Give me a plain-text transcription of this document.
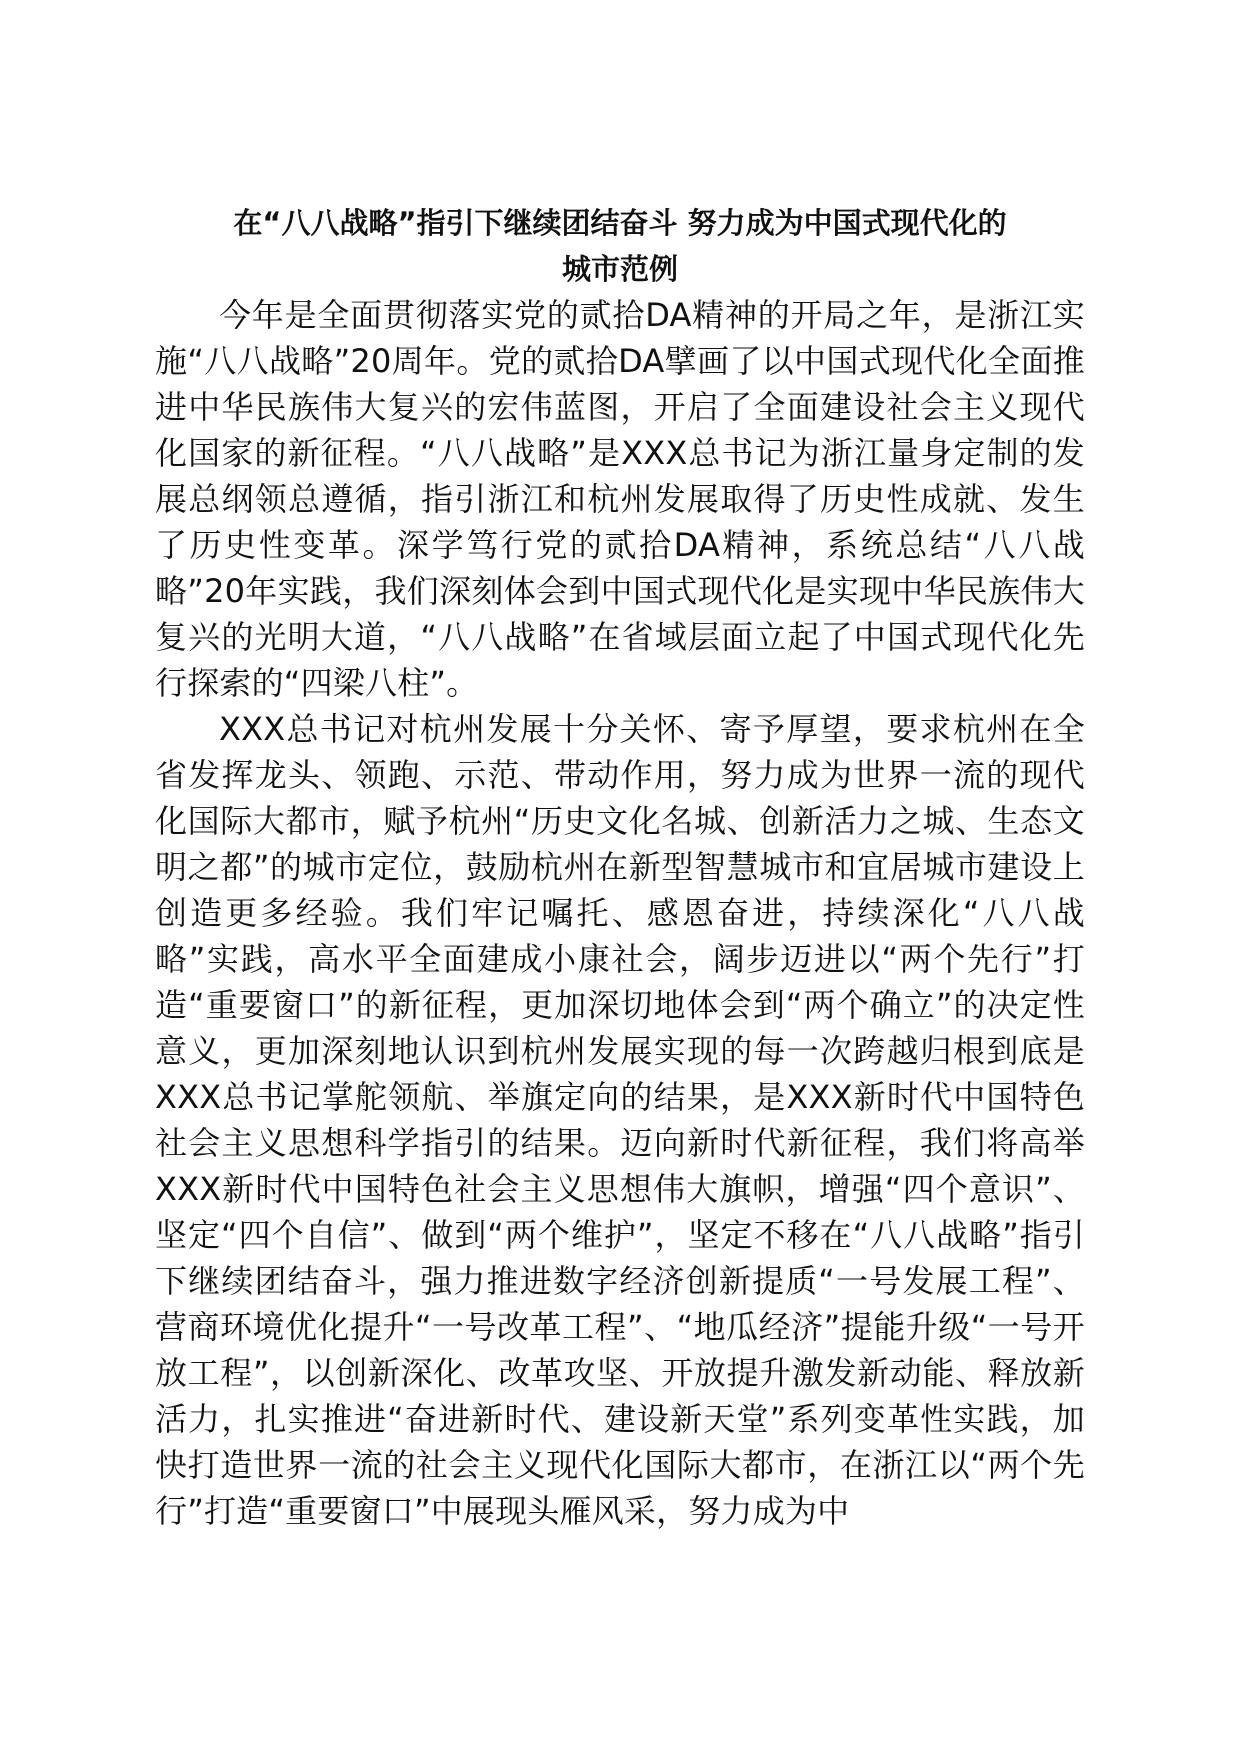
在“八八战略”指引下继续团结奋斗 努力成为中国式现代化的
城市范例

今年是全面贯彻落实党的贰拾DA精神的开局之年，是浙江实施“八八战略”20周年。党的贰拾DA擘画了以中国式现代化全面推进中华民族伟大复兴的宏伟蓝图，开启了全面建设社会主义现代化国家的新征程。“八八战略”是XXX总书记为浙江量身定制的发展总纲领总遵循，指引浙江和杭州发展取得了历史性成就、发生了历史性变革。深学笃行党的贰拾DA精神，系统总结“八八战略”20年实践，我们深刻体会到中国式现代化是实现中华民族伟大复兴的光明大道，“八八战略”在省域层面立起了中国式现代化先行探索的“四梁八柱”。

XXX总书记对杭州发展十分关怀、寄予厚望，要求杭州在全省发挥龙头、领跑、示范、带动作用，努力成为世界一流的现代化国际大都市，赋予杭州“历史文化名城、创新活力之城、生态文明之都”的城市定位，鼓励杭州在新型智慧城市和宜居城市建设上创造更多经验。我们牢记嘱托、感恩奋进，持续深化“八八战略”实践，高水平全面建成小康社会，阔步迈进以“两个先行”打造“重要窗口”的新征程，更加深切地体会到“两个确立”的决定性意义，更加深刻地认识到杭州发展实现的每一次跨越归根到底是XXX总书记掌舵领航、举旗定向的结果，是XXX新时代中国特色社会主义思想科学指引的结果。迈向新时代新征程，我们将高举XXX新时代中国特色社会主义思想伟大旗帜，增强“四个意识”、坚定“四个自信”、做到“两个维护”，坚定不移在“八八战略”指引下继续团结奋斗，强力推进数字经济创新提质“一号发展工程”、营商环境优化提升“一号改革工程”、“地瓜经济”提能升级“一号开放工程”，以创新深化、改革攻坚、开放提升激发新动能、释放新活力，扎实推进“奋进新时代、建设新天堂”系列变革性实践，加快打造世界一流的社会主义现代化国际大都市，在浙江以“两个先行”打造“重要窗口”中展现头雁风采，努力成为中
